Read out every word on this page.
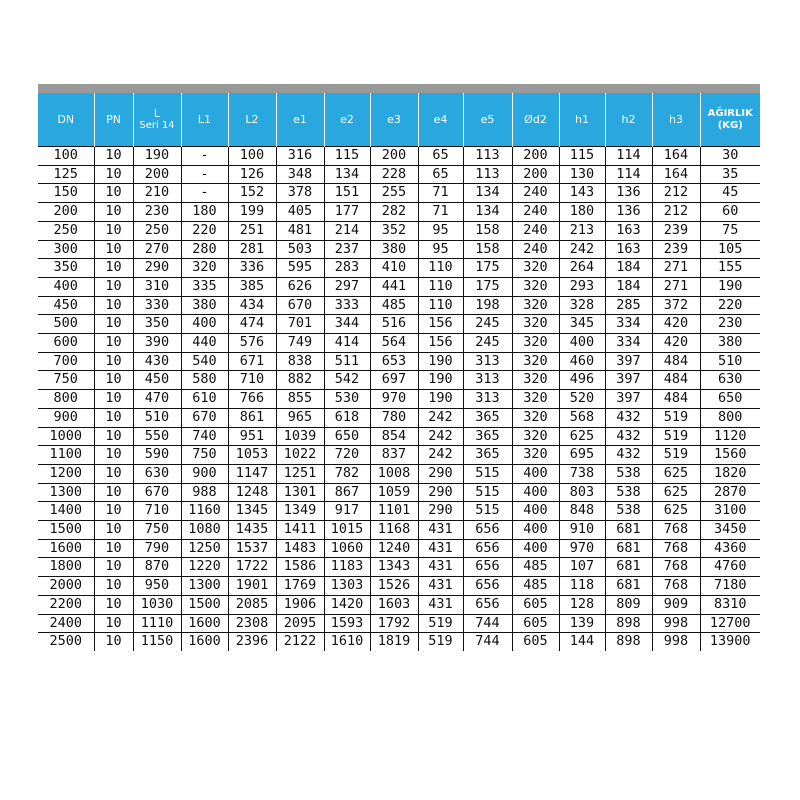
DN	PN	L
Seri 14	L1	L2	e1	e2	e3	e4	e5	Ød2	h1	h2	h3	AĞIRLIK
(KG)

100	10	190	-	100	316	115	200	65	113	200	115	114	164	30
125	10	200	-	126	348	134	228	65	113	200	130	114	164	35
150	10	210	-	152	378	151	255	71	134	240	143	136	212	45
200	10	230	180	199	405	177	282	71	134	240	180	136	212	60
250	10	250	220	251	481	214	352	95	158	240	213	163	239	75
300	10	270	280	281	503	237	380	95	158	240	242	163	239	105
350	10	290	320	336	595	283	410	110	175	320	264	184	271	155
400	10	310	335	385	626	297	441	110	175	320	293	184	271	190
450	10	330	380	434	670	333	485	110	198	320	328	285	372	220
500	10	350	400	474	701	344	516	156	245	320	345	334	420	230
600	10	390	440	576	749	414	564	156	245	320	400	334	420	380
700	10	430	540	671	838	511	653	190	313	320	460	397	484	510
750	10	450	580	710	882	542	697	190	313	320	496	397	484	630
800	10	470	610	766	855	530	970	190	313	320	520	397	484	650
900	10	510	670	861	965	618	780	242	365	320	568	432	519	800
1000	10	550	740	951	1039	650	854	242	365	320	625	432	519	1120
1100	10	590	750	1053	1022	720	837	242	365	320	695	432	519	1560
1200	10	630	900	1147	1251	782	1008	290	515	400	738	538	625	1820
1300	10	670	988	1248	1301	867	1059	290	515	400	803	538	625	2870
1400	10	710	1160	1345	1349	917	1101	290	515	400	848	538	625	3100
1500	10	750	1080	1435	1411	1015	1168	431	656	400	910	681	768	3450
1600	10	790	1250	1537	1483	1060	1240	431	656	400	970	681	768	4360
1800	10	870	1220	1722	1586	1183	1343	431	656	485	107	681	768	4760
2000	10	950	1300	1901	1769	1303	1526	431	656	485	118	681	768	7180
2200	10	1030	1500	2085	1906	1420	1603	431	656	605	128	809	909	8310
2400	10	1110	1600	2308	2095	1593	1792	519	744	605	139	898	998	12700
2500	10	1150	1600	2396	2122	1610	1819	519	744	605	144	898	998	13900
